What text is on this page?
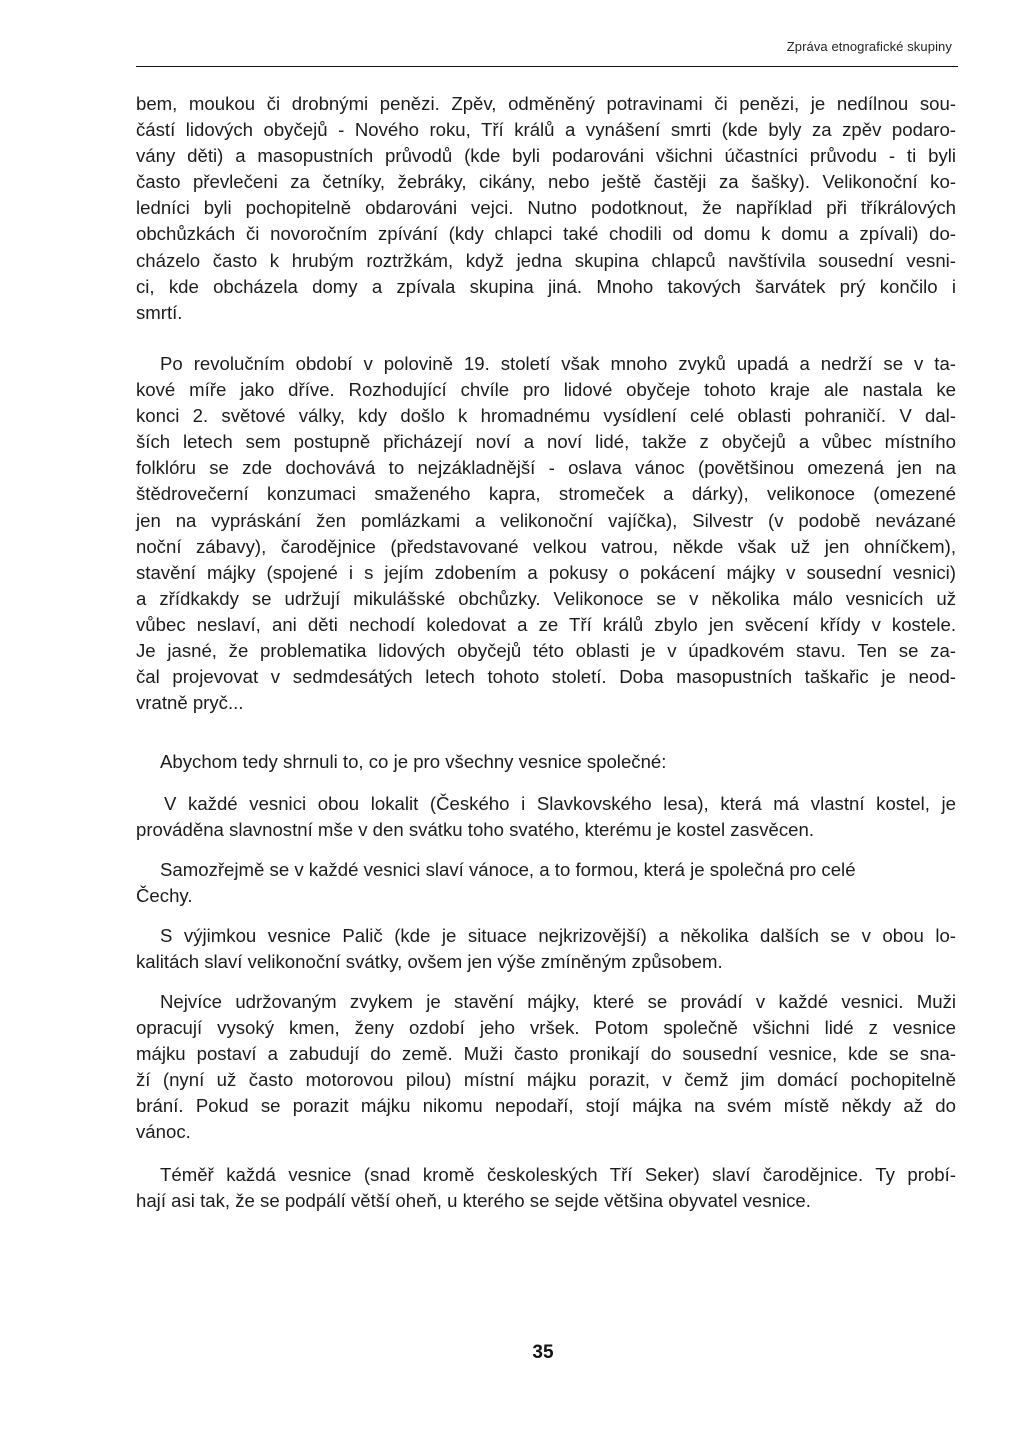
Zpráva etnografické skupiny
bem, moukou či drobnými penězi. Zpěv, odměněný potravinami či penězi, je nedílnou sou-
částí lidových obyčejů - Nového roku, Tří králů a vynášení smrti (kde byly za zpěv podaro-
vány děti) a masopustních průvodů (kde byli podarováni všichni účastníci průvodu - ti byli
často převlečeni za četníky, žebráky, cikány, nebo ještě častěji za šašky). Velikonoční ko-
ledníci byli pochopitelně obdarováni vejci. Nutno podotknout, že například při tříkrálových
obchůzkách či novoročním zpívání (kdy chlapci také chodili od domu k domu a zpívali) do-
cházelo často k hrubým roztržkám, když jedna skupina chlapců navštívila sousední vesni-
ci, kde obcházela domy a zpívala skupina jiná. Mnoho takových šarvátek prý končilo i
smrtí.
Po revolučním období v polovině 19. století však mnoho zvyků upadá a nedrží se v ta-
kové míře jako dříve. Rozhodující chvíle pro lidové obyčeje tohoto kraje ale nastala ke
konci 2. světové války, kdy došlo k hromadnému vysídlení celé oblasti pohraničí. V dal-
ších letech sem postupně přicházejí noví a noví lidé, takže z obyčejů a vůbec místního
folklóru se zde dochovává to nejzákladnější - oslava vánoc (povětšinou omezená jen na
štědrovečerní konzumaci smaženého kapra, stromeček a dárky), velikonoce (omezené
jen na vypráskání žen pomlázkami a velikonoční vajíčka), Silvestr (v podobě nevázané
noční zábavy), čarodějnice (představované velkou vatrou, někde však už jen ohníčkem),
stavění májky (spojené i s jejím zdobením a pokusy o pokácení májky v sousední vesnici)
a zřídkakdy se udržují mikulášské obchůzky. Velikonoce se v několika málo vesnicích už
vůbec neslaví, ani děti nechodí koledovat a ze Tří králů zbylo jen svěcení křídy v kostele.
Je jasné, že problematika lidových obyčejů této oblasti je v úpadkovém stavu. Ten se za-
čal projevovat v sedmdesátých letech tohoto století. Doba masopustních taškařic je neod-
vratně pryč...
Abychom tedy shrnuli to, co je pro všechny vesnice společné:
V každé vesnici obou lokalit (Českého i Slavkovského lesa), která má vlastní kostel, je
prováděna slavnostní mše v den svátku toho svatého, kterému je kostel zasvěcen.
Samozřejmě se v každé vesnici slaví vánoce, a to formou, která je společná pro celé
Čechy.
S výjimkou vesnice Palič (kde je situace nejkrizovější) a několika dalších se v obou lo-
kalitách slaví velikonoční svátky, ovšem jen výše zmíněným způsobem.
Nejvíce udržovaným zvykem je stavění májky, které se provádí v každé vesnici. Muži
opracují vysoký kmen, ženy ozdobí jeho vršek. Potom společně všichni lidé z vesnice
májku postaví a zabudují do země. Muži často pronikají do sousední vesnice, kde se sna-
ží (nyní už často motorovou pilou) místní májku porazit, v čemž jim domácí pochopitelně
brání. Pokud se porazit májku nikomu nepodaří, stojí májka na svém místě někdy až do
vánoc.
Téměř každá vesnice (snad kromě českoleských Tří Seker) slaví čarodějnice. Ty probí-
hají asi tak, že se podpálí větší oheň, u kterého se sejde většina obyvatel vesnice.
35
